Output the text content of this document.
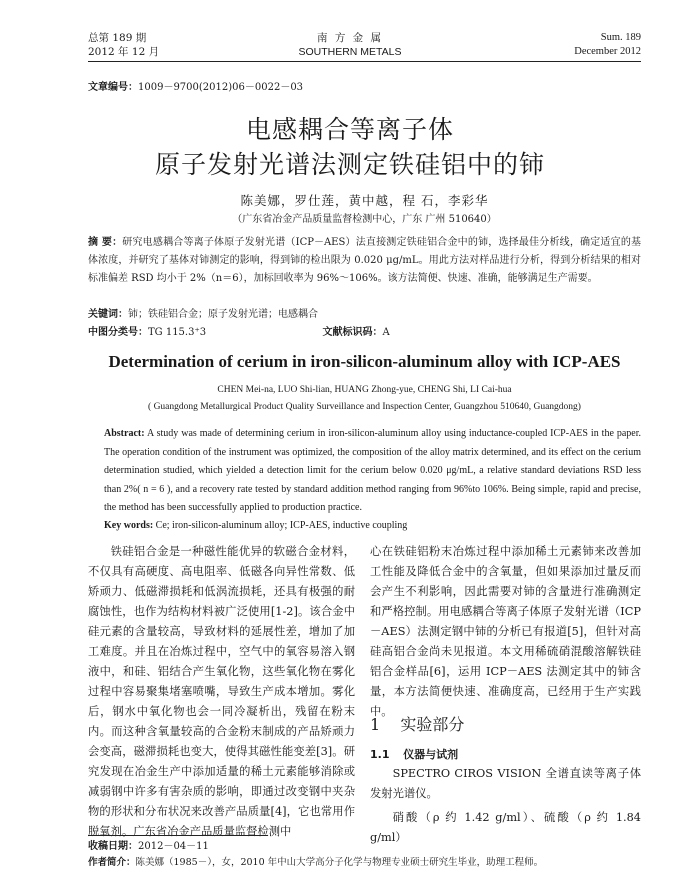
总第 189 期
2012 年 12 月
南 方 金 属
SOUTHERN METALS
Sum. 189
December 2012
文章编号：1009－9700(2012)06－0022－03
电感耦合等离子体
原子发射光谱法测定铁硅铝中的铈
陈美娜，罗仕莲，黄中越，程 石，李彩华
（广东省冶金产品质量监督检测中心，广东 广州 510640）
摘 要：研究电感耦合等离子体原子发射光谱（ICP－AES）法直接测定铁硅铝合金中的铈，选择最佳分析线，确定适宜的基体浓度，并研究了基体对铈测定的影响，得到铈的检出限为 0.020 μg/mL。用此方法对样品进行分析，得到分析结果的相对标准偏差 RSD 均小于 2%（n＝6），加标回收率为 96%～106%。该方法简便、快速、准确，能够满足生产需要。
关键词：铈；铁硅铝合金；原子发射光谱；电感耦合
中图分类号：TG 115.3⁺3	文献标识码：A
Determination of cerium in iron-silicon-aluminum alloy with ICP-AES
CHEN Mei-na, LUO Shi-lian, HUANG Zhong-yue, CHENG Shi, LI Cai-hua
( Guangdong Metallurgical Product Quality Surveillance and Inspection Center, Guangzhou 510640, Guangdong)
Abstract: A study was made of determining cerium in iron-silicon-aluminum alloy using inductance-coupled ICP-AES in the paper. The operation condition of the instrument was optimized, the composition of the alloy matrix determined, and its effect on the cerium determination studied, which yielded a detection limit for the cerium below 0.020 μg/mL, a relative standard deviations RSD less than 2%( n = 6 ), and a recovery rate tested by standard addition method ranging from 96%to 106%. Being simple, rapid and precise, the method has been successfully applied to production practice.
Key words: Ce; iron-silicon-aluminum alloy; ICP-AES, inductive coupling

铁硅铝合金是一种磁性能优异的软磁合金材料，不仅具有高硬度、高电阻率、低磁各向异性常数、低矫顽力、低磁滞损耗和低涡流损耗，还具有极强的耐腐蚀性，也作为结构材料被广泛使用[1-2]。该合金中硅元素的含量较高，导致材料的延展性差，增加了加工难度。并且在冶炼过程中，空气中的氧容易溶入钢液中，和硅、铝结合产生氧化物，这些氧化物在雾化过程中容易聚集堵塞喷嘴，导致生产成本增加。雾化后，钢水中氧化物也会一同冷凝析出，残留在粉末内。而这种含氧量较高的合金粉末制成的产品矫顽力会变高，磁滞损耗也变大，使得其磁性能变差[3]。研究发现在冶金生产中添加适量的稀土元素能够消除或减弱钢中许多有害杂质的影响，即通过改变钢中夹杂物的形状和分布状况来改善产品质量[4]，它也常用作脱氧剂。广东省冶金产品质量监督检测中

心在铁硅铝粉末冶炼过程中添加稀土元素铈来改善加工性能及降低合金中的含氧量，但如果添加过量反而会产生不利影响，因此需要对铈的含量进行准确测定和严格控制。用电感耦合等离子体原子发射光谱（ICP－AES）法测定钢中铈的分析已有报道[5]，但针对高硅高铝合金尚未见报道。本文用稀硫硝混酸溶解铁硅铝合金样品[6]，运用 ICP－AES 法测定其中的铈含量，本方法简便快速、准确度高，已经用于生产实践中。

1 实验部分
1.1 仪器与试剂

SPECTRO CIROS VISION 全谱直读等离子体发射光谱仪。

硝酸（ρ 约 1.42 g/ml）、硫酸（ρ 约 1.84 g/ml）

收稿日期：2012－04－11
作者简介：陈美娜（1985－），女，2010 年中山大学高分子化学与物理专业硕士研究生毕业，助理工程师。
